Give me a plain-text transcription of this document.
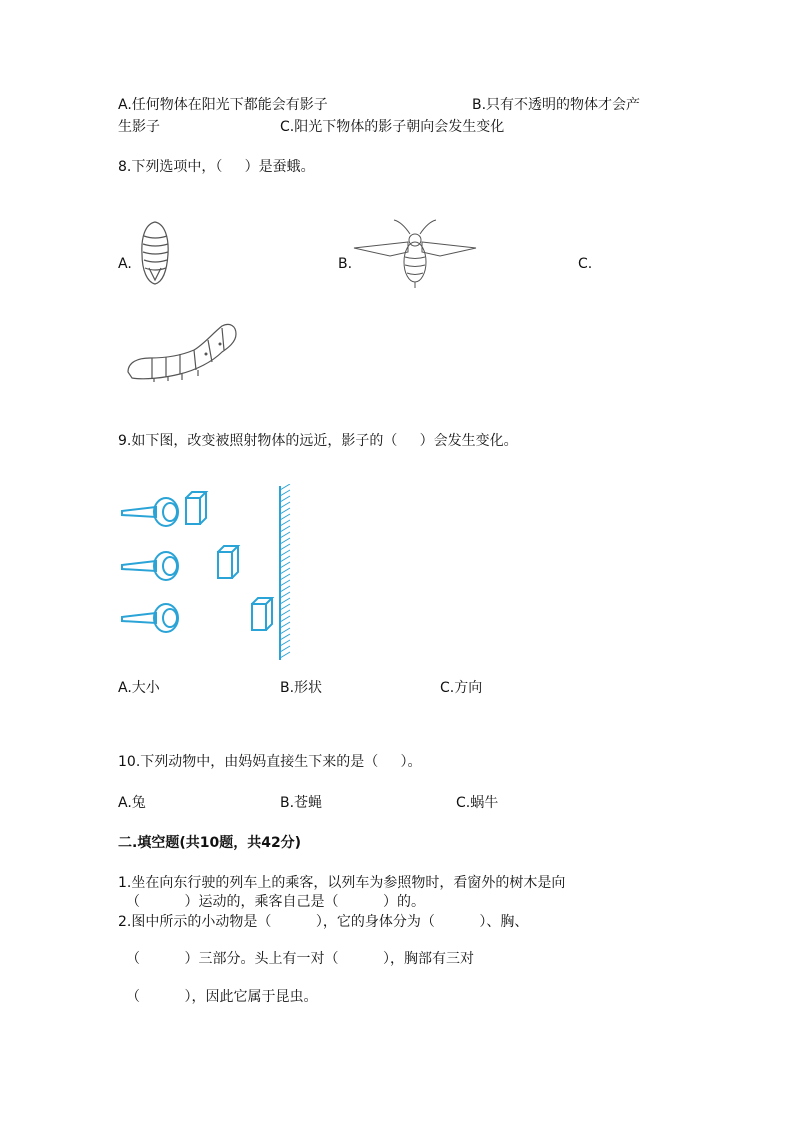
A.任何物体在阳光下都能会有影子	B.只有不透明的物体才会产
生影子	C.阳光下物体的影子朝向会发生变化
8.下列选项中，（     ）是蚕蛾。
A.	B.	C.
9.如下图，改变被照射物体的远近，影子的（     ）会发生变化。
A.大小	B.形状	C.方向
10.下列动物中，由妈妈直接生下来的是（     ）。
A.兔	B.苍蝇	C.蜗牛
二.填空题(共10题，共42分)
1.坐在向东行驶的列车上的乘客，以列车为参照物时，看窗外的树木是向
（          ）运动的，乘客自己是（          ）的。
2.图中所示的小动物是（          ），它的身体分为（          ）、胸、
（          ）三部分。头上有一对（          ），胸部有三对
（          ），因此它属于昆虫。
